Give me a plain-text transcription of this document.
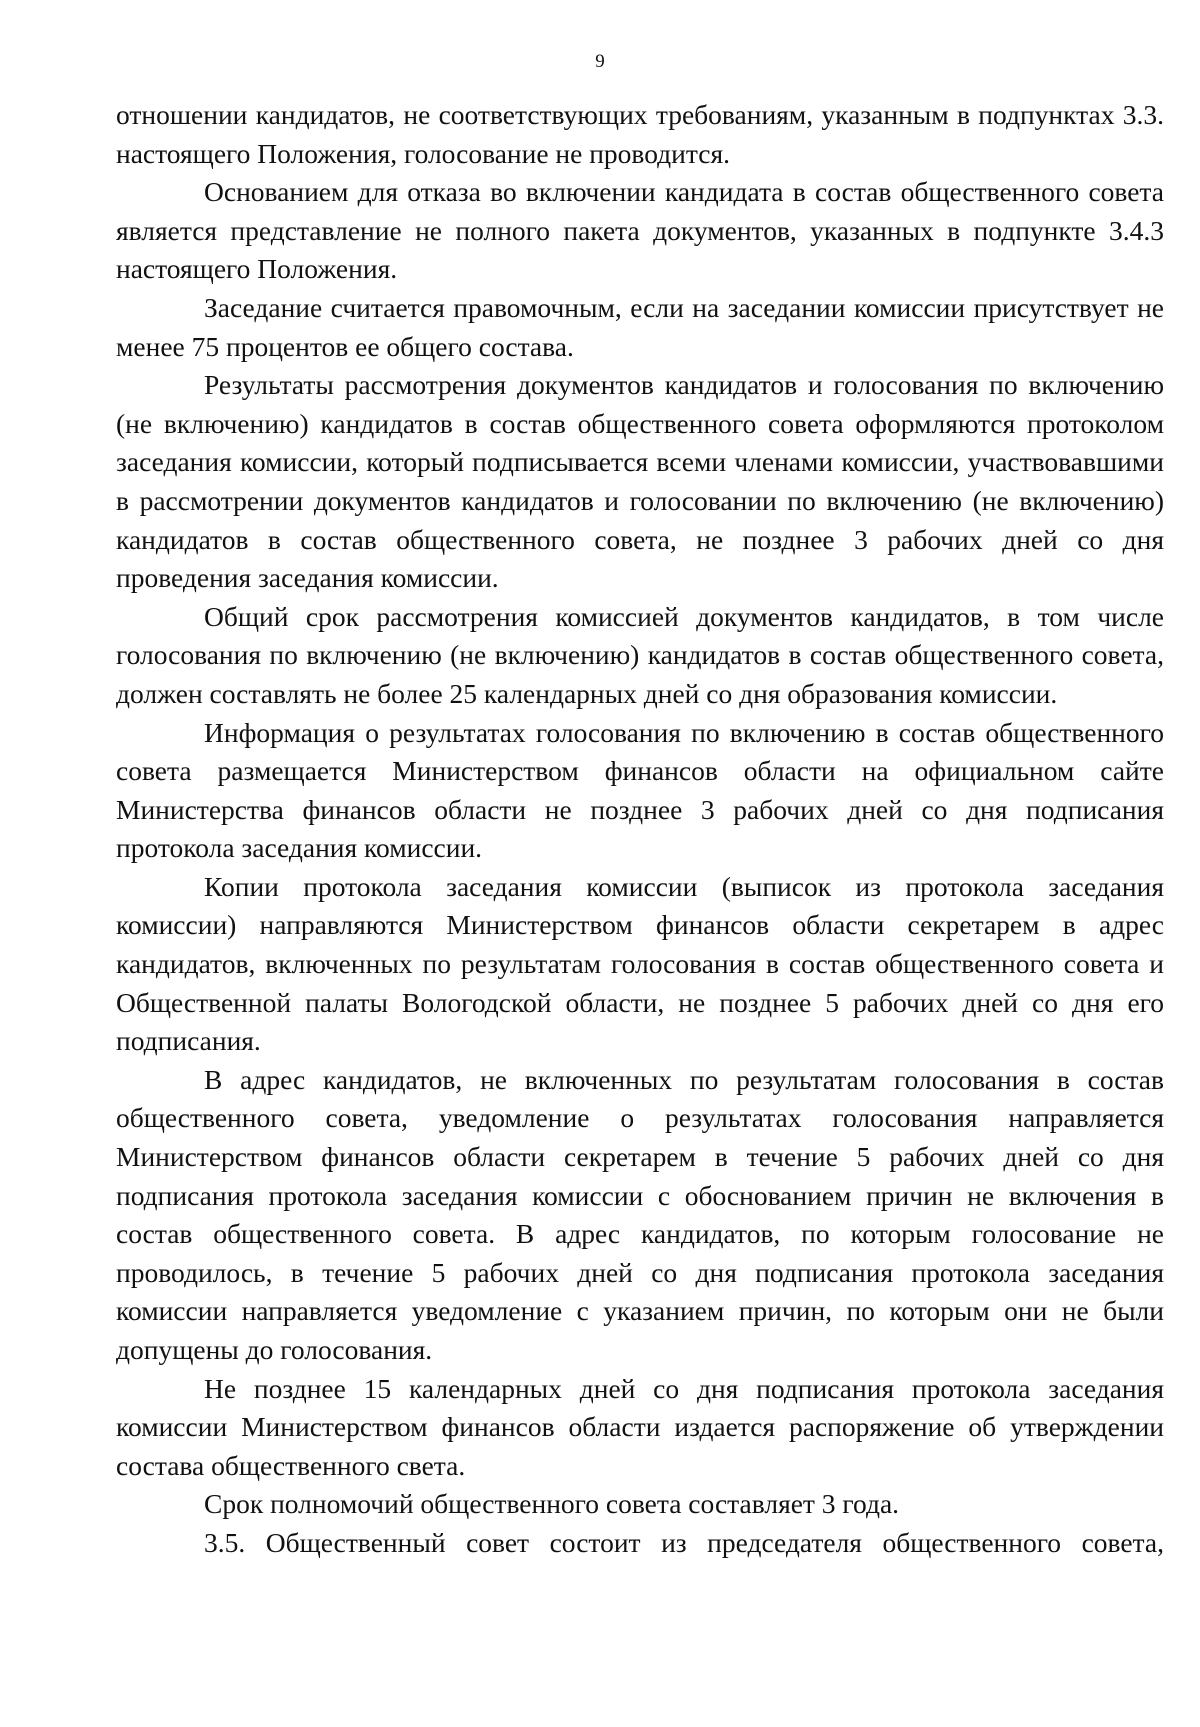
9

отношении кандидатов, не соответствующих требованиям, указанным в подпунктах 3.3. настоящего Положения, голосование не проводится.

Основанием для отказа во включении кандидата в состав общественного совета является представление не полного пакета документов, указанных в подпункте 3.4.3 настоящего Положения.

Заседание считается правомочным, если на заседании комиссии присутствует не менее 75 процентов ее общего состава.

Результаты рассмотрения документов кандидатов и голосования по включению (не включению) кандидатов в состав общественного совета оформляются протоколом заседания комиссии, который подписывается всеми членами комиссии, участвовавшими в рассмотрении документов кандидатов и голосовании по включению (не включению) кандидатов в состав общественного совета, не позднее 3 рабочих дней со дня проведения заседания комиссии.

Общий срок рассмотрения комиссией документов кандидатов, в том числе голосования по включению (не включению) кандидатов в состав общественного совета, должен составлять не более 25 календарных дней со дня образования комиссии.

Информация о результатах голосования по включению в состав общественного совета размещается Министерством финансов области на официальном сайте Министерства финансов области не позднее 3 рабочих дней со дня подписания протокола заседания комиссии.

Копии протокола заседания комиссии (выписок из протокола заседания комиссии) направляются Министерством финансов области секретарем в адрес кандидатов, включенных по результатам голосования в состав общественного совета и Общественной палаты Вологодской области, не позднее 5 рабочих дней со дня его подписания.

В адрес кандидатов, не включенных по результатам голосования в состав общественного совета, уведомление о результатах голосования направляется Министерством финансов области секретарем в течение 5 рабочих дней со дня подписания протокола заседания комиссии с обоснованием причин не включения в состав общественного совета. В адрес кандидатов, по которым голосование не проводилось, в течение 5 рабочих дней со дня подписания протокола заседания комиссии направляется уведомление с указанием причин, по которым они не были допущены до голосования.

Не позднее 15 календарных дней со дня подписания протокола заседания комиссии Министерством финансов области издается распоряжение об утверждении состава общественного света.

Срок полномочий общественного совета составляет 3 года.

3.5. Общественный совет состоит из председателя общественного совета,
